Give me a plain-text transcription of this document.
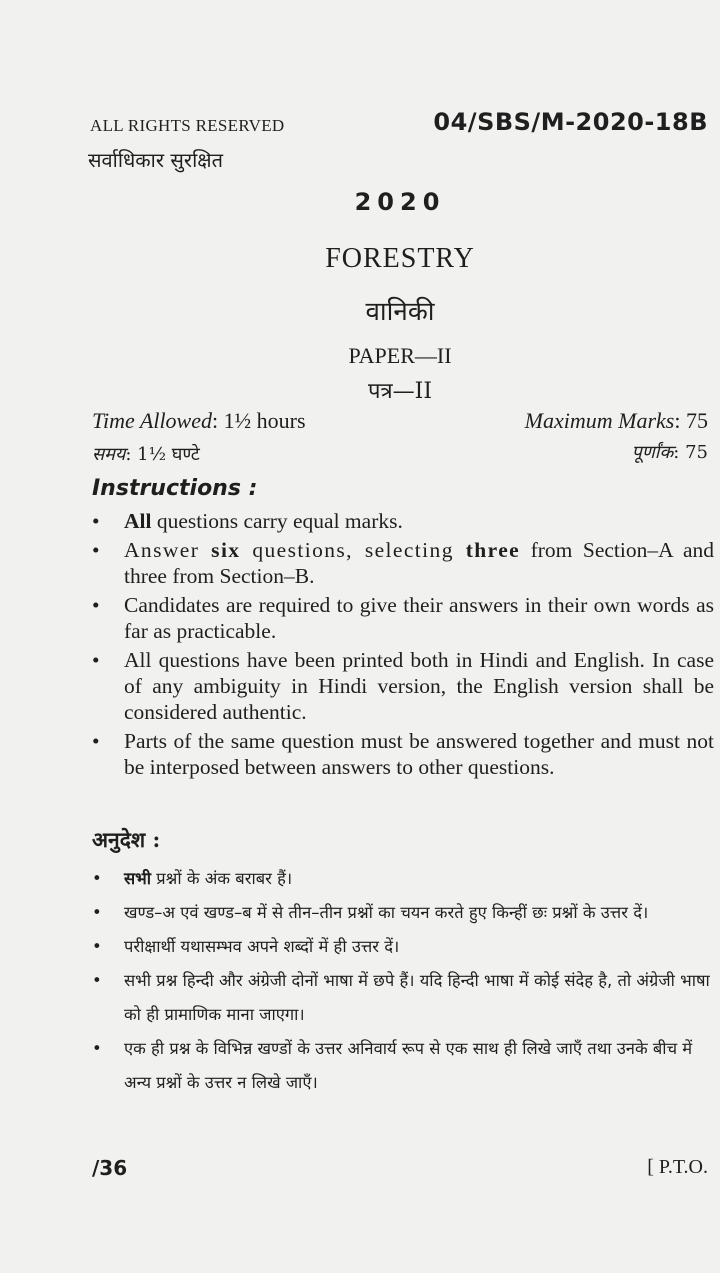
ALL RIGHTS RESERVED
सर्वाधिकार सुरक्षित
04/SBS/M-2020-18B
2020
FORESTRY
वानिकी
PAPER—II
पत्र—II
Time Allowed: 1½ hours
समय: 1½ घण्टे
Maximum Marks: 75
पूर्णांक: 75
Instructions :
• All questions carry equal marks.
• Answer six questions, selecting three from Section–A and three from Section–B.
• Candidates are required to give their answers in their own words as far as practicable.
• All questions have been printed both in Hindi and English. In case of any ambiguity in Hindi version, the English version shall be considered authentic.
• Parts of the same question must be answered together and must not be interposed between answers to other questions.
अनुदेश :
• सभी प्रश्नों के अंक बराबर हैं।
• खण्ड–अ एवं खण्ड–ब में से तीन–तीन प्रश्नों का चयन करते हुए किन्हीं छः प्रश्नों के उत्तर दें।
• परीक्षार्थी यथासम्भव अपने शब्दों में ही उत्तर दें।
• सभी प्रश्न हिन्दी और अंग्रेजी दोनों भाषा में छपे हैं। यदि हिन्दी भाषा में कोई संदेह है, तो अंग्रेजी भाषा को ही प्रामाणिक माना जाएगा।
• एक ही प्रश्न के विभिन्न खण्डों के उत्तर अनिवार्य रूप से एक साथ ही लिखे जाएँ तथा उनके बीच में अन्य प्रश्नों के उत्तर न लिखे जाएँ।
/36	[ P.T.O.
